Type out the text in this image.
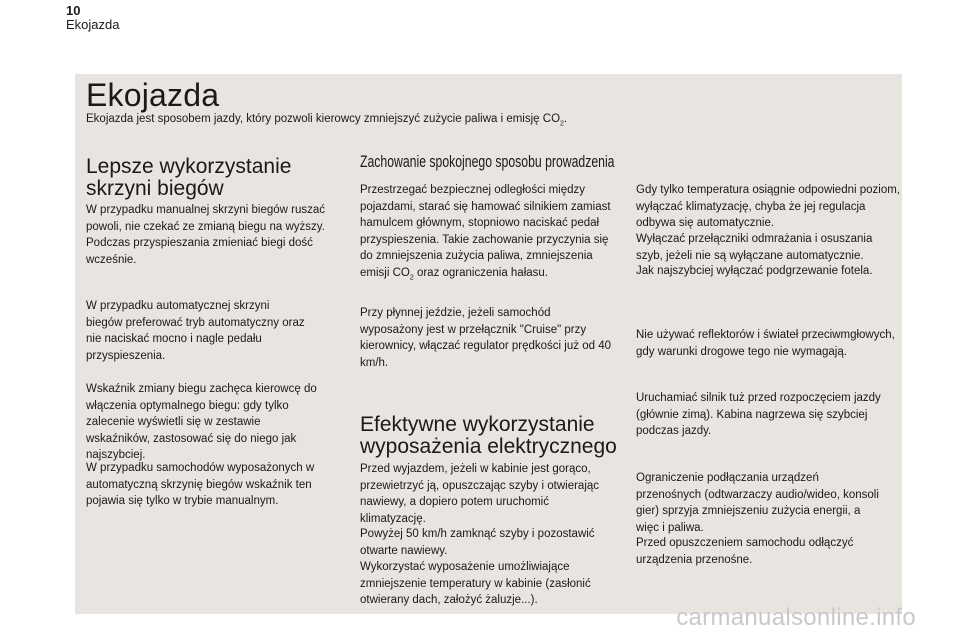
10
Ekojazda
Ekojazda
Ekojazda jest sposobem jazdy, który pozwoli kierowcy zmniejszyć zużycie paliwa i emisję $CO_2$.
Lepsze wykorzystanie skrzyni biegów

W przypadku manualnej skrzyni biegów ruszać powoli, nie czekać ze zmianą biegu na wyższy. Podczas przyspieszania zmieniać biegi dość wcześnie.

W przypadku automatycznej skrzyni biegów preferować tryb automatyczny oraz nie naciskać mocno i nagle pedału przyspieszenia.

Wskaźnik zmiany biegu zachęca kierowcę do włączenia optymalnego biegu: gdy tylko zalecenie wyświetli się w zestawie wskaźników, zastosować się do niego jak najszybciej.

W przypadku samochodów wyposażonych w automatyczną skrzynię biegów wskaźnik ten pojawia się tylko w trybie manualnym.

Zachowanie spokojnego sposobu prowadzenia

Przestrzegać bezpiecznej odległości między pojazdami, starać się hamować silnikiem zamiast hamulcem głównym, stopniowo naciskać pedał przyspieszenia. Takie zachowanie przyczynia się do zmniejszenia zużycia paliwa, zmniejszenia emisji $CO_2$ oraz ograniczenia hałasu.

Przy płynnej jeździe, jeżeli samochód wyposażony jest w przełącznik "Cruise" przy kierownicy, włączać regulator prędkości już od 40 km/h.

Efektywne wykorzystanie wyposażenia elektrycznego

Przed wyjazdem, jeżeli w kabinie jest gorąco, przewietrzyć ją, opuszczając szyby i otwierając nawiewy, a dopiero potem uruchomić klimatyzację.

Powyżej 50 km/h zamknąć szyby i pozostawić otwarte nawiewy.

Wykorzystać wyposażenie umożliwiające zmniejszenie temperatury w kabinie (zasłonić otwierany dach, założyć żaluzje...).

Gdy tylko temperatura osiągnie odpowiedni poziom, wyłączać klimatyzację, chyba że jej regulacja odbywa się automatycznie.

Wyłączać przełączniki odmrażania i osuszania szyb, jeżeli nie są wyłączane automatycznie.

Jak najszybciej wyłączać podgrzewanie fotela.

Nie używać reflektorów i świateł przeciwmgłowych, gdy warunki drogowe tego nie wymagają.

Uruchamiać silnik tuż przed rozpoczęciem jazdy (głównie zimą). Kabina nagrzewa się szybciej podczas jazdy.

Ograniczenie podłączania urządzeń przenośnych (odtwarzaczy audio/wideo, konsoli gier) sprzyja zmniejszeniu zużycia energii, a więc i paliwa.

Przed opuszczeniem samochodu odłączyć urządzenia przenośne.

carmanualsonline.info
